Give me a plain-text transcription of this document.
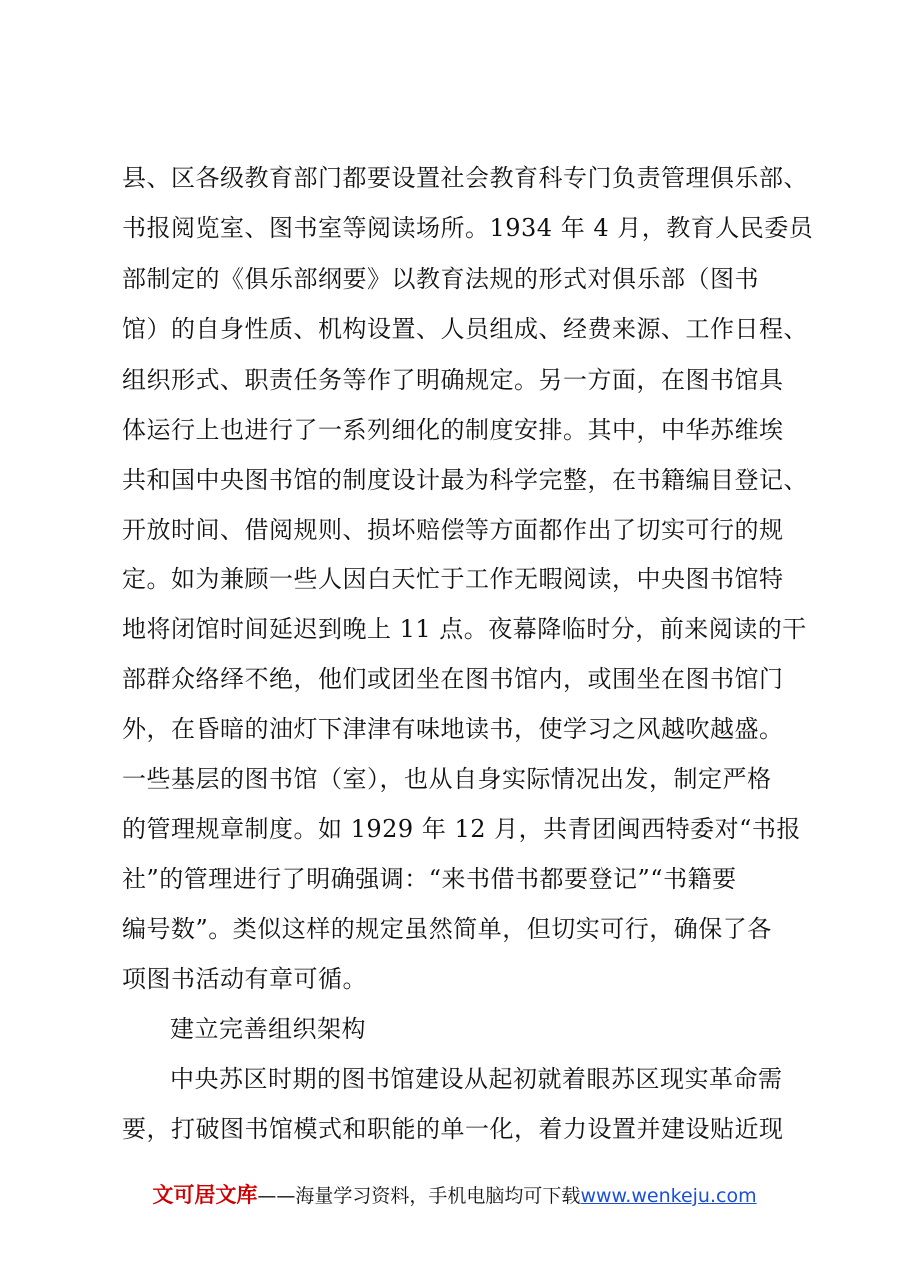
县、区各级教育部门都要设置社会教育科专门负责管理俱乐部、
书报阅览室、图书室等阅读场所。1934 年 4 月，教育人民委员
部制定的《俱乐部纲要》以教育法规的形式对俱乐部（图书
馆）的自身性质、机构设置、人员组成、经费来源、工作日程、
组织形式、职责任务等作了明确规定。另一方面，在图书馆具
体运行上也进行了一系列细化的制度安排。其中，中华苏维埃
共和国中央图书馆的制度设计最为科学完整，在书籍编目登记、
开放时间、借阅规则、损坏赔偿等方面都作出了切实可行的规
定。如为兼顾一些人因白天忙于工作无暇阅读，中央图书馆特
地将闭馆时间延迟到晚上 11 点。夜幕降临时分，前来阅读的干
部群众络绎不绝，他们或团坐在图书馆内，或围坐在图书馆门
外，在昏暗的油灯下津津有味地读书，使学习之风越吹越盛。
一些基层的图书馆（室），也从自身实际情况出发，制定严格
的管理规章制度。如 1929 年 12 月，共青团闽西特委对“书报
社”的管理进行了明确强调：“来书借书都要登记”“书籍要
编号数”。类似这样的规定虽然简单，但切实可行，确保了各
项图书活动有章可循。
建立完善组织架构
中央苏区时期的图书馆建设从起初就着眼苏区现实革命需
要，打破图书馆模式和职能的单一化，着力设置并建设贴近现
文可居文库——海量学习资料，手机电脑均可下载www.wenkeju.com
